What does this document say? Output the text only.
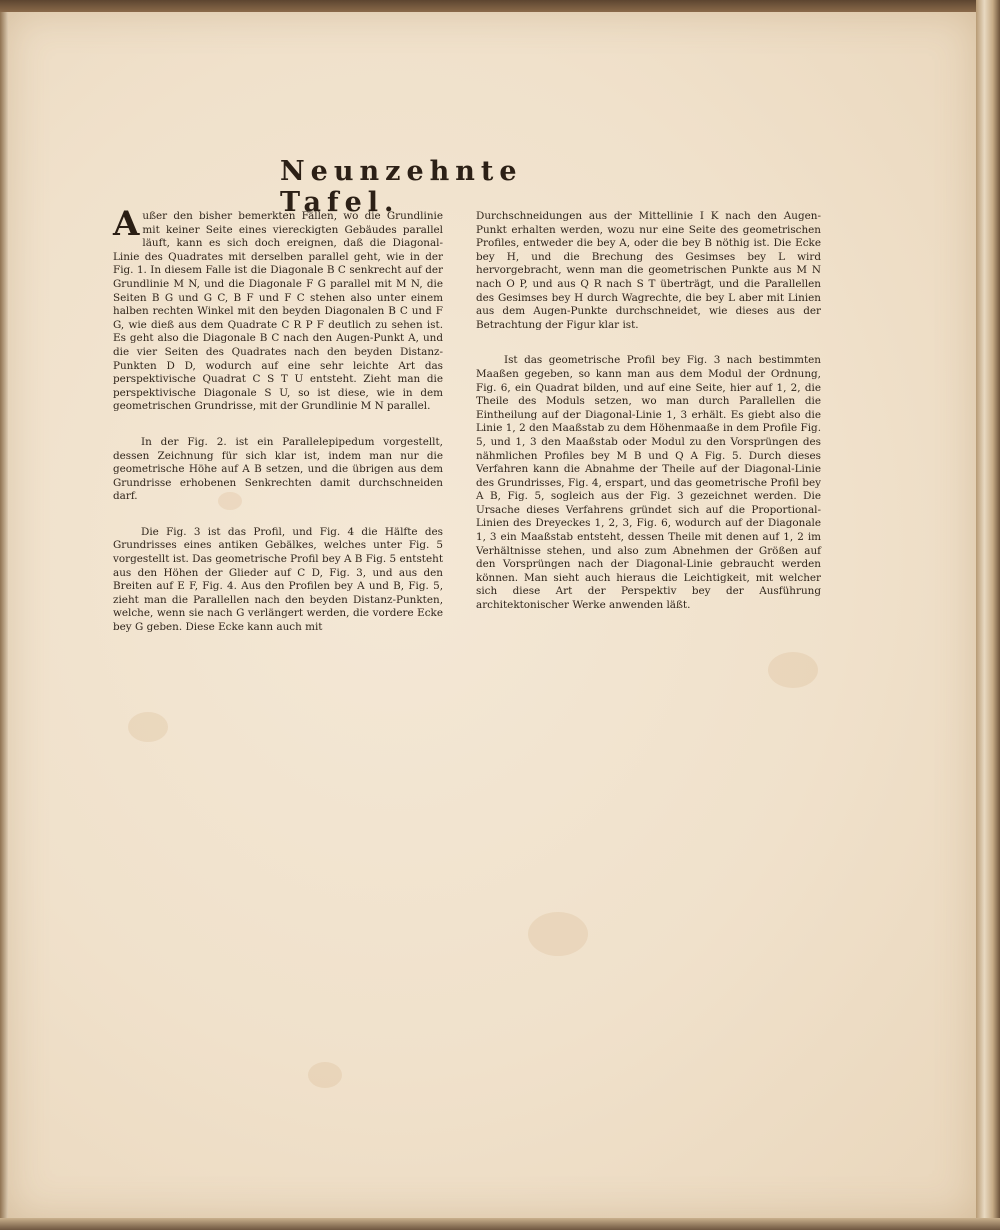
Neunzehnte Tafel.

Außer den bisher bemerkten Fällen, wo die Grundlinie mit keiner Seite eines viereckigten Gebäudes parallel läuft, kann es sich doch ereignen, daß die Diagonal-Linie des Quadrates mit derselben parallel geht, wie in der Fig. 1. In diesem Falle ist die Diagonale B C senkrecht auf der Grundlinie M N, und die Diagonale F G parallel mit M N, die Seiten B G und G C, B F und F C stehen also unter einem halben rechten Winkel mit den beyden Diagonalen B C und F G, wie dieß aus dem Quadrate C R P F deutlich zu sehen ist. Es geht also die Diagonale B C nach den Augen-Punkt A, und die vier Seiten des Quadrates nach den beyden Distanz-Punkten D D, wodurch auf eine sehr leichte Art das perspektivische Quadrat C S T U entsteht. Zieht man die perspektivische Diagonale S U, so ist diese, wie in dem geometrischen Grundrisse, mit der Grundlinie M N parallel.

In der Fig. 2. ist ein Parallelepipedum vorgestellt, dessen Zeichnung für sich klar ist, indem man nur die geometrische Höhe auf A B setzen, und die übrigen aus dem Grundrisse erhobenen Senkrechten damit durchschneiden darf.

Die Fig. 3 ist das Profil, und Fig. 4 die Hälfte des Grundrisses eines antiken Gebälkes, welches unter Fig. 5 vorgestellt ist. Das geometrische Profil bey A B Fig. 5 entsteht aus den Höhen der Glieder auf C D, Fig. 3, und aus den Breiten auf E F, Fig. 4. Aus den Profilen bey A und B, Fig. 5, zieht man die Parallellen nach den beyden Distanz-Punkten, welche, wenn sie nach G verlängert werden, die vordere Ecke bey G geben. Diese Ecke kann auch mit

Durchschneidungen aus der Mittellinie I K nach den Augen-Punkt erhalten werden, wozu nur eine Seite des geometrischen Profiles, entweder die bey A, oder die bey B nöthig ist. Die Ecke bey H, und die Brechung des Gesimses bey L wird hervorgebracht, wenn man die geometrischen Punkte aus M N nach O P, und aus Q R nach S T überträgt, und die Parallellen des Gesimses bey H durch Wagrechte, die bey L aber mit Linien aus dem Augen-Punkte durchschneidet, wie dieses aus der Betrachtung der Figur klar ist.

Ist das geometrische Profil bey Fig. 3 nach bestimmten Maaßen gegeben, so kann man aus dem Modul der Ordnung, Fig. 6, ein Quadrat bilden, und auf eine Seite, hier auf 1, 2, die Theile des Moduls setzen, wo man durch Parallellen die Eintheilung auf der Diagonal-Linie 1, 3 erhält. Es giebt also die Linie 1, 2 den Maaßstab zu dem Höhenmaaße in dem Profile Fig. 5, und 1, 3 den Maaßstab oder Modul zu den Vorsprüngen des nähmlichen Profiles bey M B und Q A Fig. 5. Durch dieses Verfahren kann die Abnahme der Theile auf der Diagonal-Linie des Grundrisses, Fig. 4, erspart, und das geometrische Profil bey A B, Fig. 5, sogleich aus der Fig. 3 gezeichnet werden. Die Ursache dieses Verfahrens gründet sich auf die Proportional-Linien des Dreyeckes 1, 2, 3, Fig. 6, wodurch auf der Diagonale 1, 3 ein Maaßstab entsteht, dessen Theile mit denen auf 1, 2 im Verhältnisse stehen, und also zum Abnehmen der Größen auf den Vorsprüngen nach der Diagonal-Linie gebraucht werden können. Man sieht auch hieraus die Leichtigkeit, mit welcher sich diese Art der Perspektiv bey der Ausführung architektonischer Werke anwenden läßt.
